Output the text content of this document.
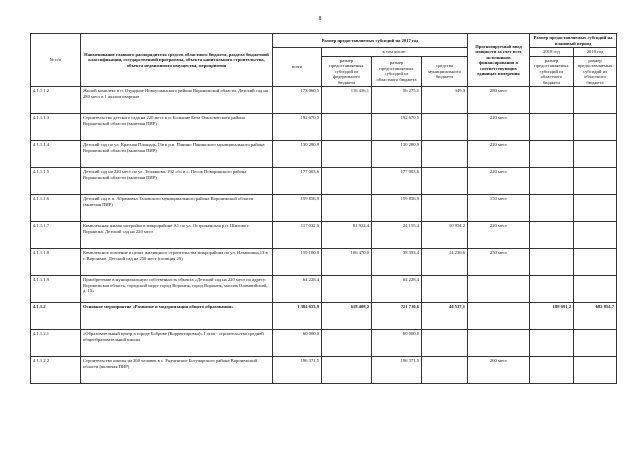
8
№ п/п	Наименование главного распорядителя средств областного бюджета, раздела бюджетной классификации, государственной программы, объекта капитального строительства, объекта недвижимого имущества, мероприятия	Размер предоставляемых субсидий на 2017 год				Прогнозируемый ввод мощности за счет всех источников финансирования в соответствующих единицах измерения	Размер предоставляемых субсидий на плановый период	
		всего	в том числе:				2018 год	2019 год
			размер предоставляемых субсидий из федерального бюджета	размер предоставляемых субсидий из областного бюджета	средства муниципального бюджета		размер предоставляемых субсидий из областного бюджета	размер предоставляемых субсидий из областного бюджета

4.1.1.1.2	Жилой комплекс в п. Отрадное Новоусманского района Воронежской области. Детский сад на 280 мест в 1 жилом квартале	173 060,5	116 436,1	56 275,1	349,3	280 мест		
4.1.1.1.3	Строительство детского сада на 220 мест в п. Большие Бела Ольховатского района Воронежской области (включая ПИР)	192 670,5		192 670,5		220 мест		
4.1.1.1.4	Детский сад по ул. Красная Площадь,13в в р.п. Панино Панинского муниципального района Воронежской области (включая ПИР)	130 280,9		130 280,9		220 мест		
4.1.1.1.5	Детский сад на 220 мест по ул. Теплякова, 192 «б» в с. Песок Поворинского района Воронежской области (включая ПИР)	177 003,6		177 003,6		220 мест		
4.1.1.1.6	Детский сад в п. Абрамовка Таловского муниципального района Воронежской области (включая ПИР)	159 856,9		159 856,9		150 мест		
4.1.1.1.7	Комплексная жилая застройка в микрорайоне А1 по ул. Остроженская р.п. Шилово г. Воронежа. Детский сад на 220 мест	117 032,0	81 922,4	24 155,4	10 954,2	220 мест		
4.1.1.1.8	Комплексное освоение в целях жилищного строительства микрорайона по ул. Ильюшина,13 в г. Воронеже. Детский сад на 250 мест (позиция 29)	159 100,0	106 470,0	38 393,4	14 236,6	250 мест		
4.1.1.1.9	Приобретение в муниципальную собственность объекта «Детский сад на 220 мест по адресу: Воронежская область, городской округ город Воронеж, город Воронеж, массив Олимпийский, д. 15»	64 228,4		64 228,4				
4.1.1.2	Основное мероприятие «Развитие и модернизация общего образования»	1 384 655,9	618 408,2	721 710,6	44 537,1		188 691,2	682 854,7
4.1.1.2.1	«Образовательный центр в городе Боброве (Корректировка)» I этап - строительство средней общеобразовательной школы	60 000,0		60 000,0				
4.1.1.2.2	Строительство школы на 260 человек в с. Радченское Богучарского района Воронежской области (включая ПИР)	196 371,5		196 371,5		260 мест		
